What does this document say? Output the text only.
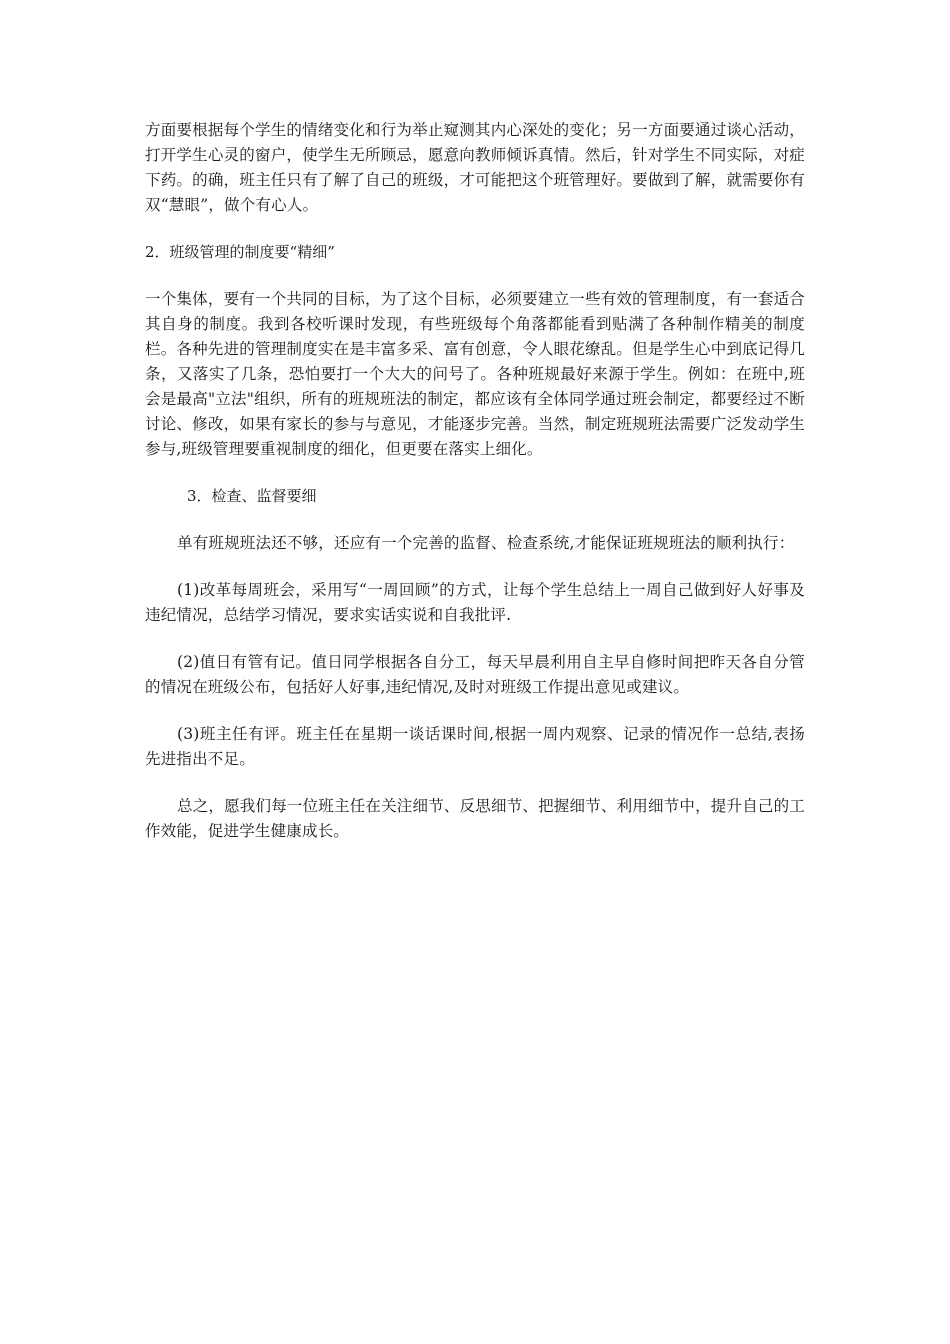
方面要根据每个学生的情绪变化和行为举止窥测其内心深处的变化；另一方面要通过谈心活动，打开学生心灵的窗户，使学生无所顾忌，愿意向教师倾诉真情。然后，针对学生不同实际，对症下药。的确，班主任只有了解了自己的班级，才可能把这个班管理好。要做到了解，就需要你有双“慧眼”，做个有心人。

2．班级管理的制度要“精细”

一个集体，要有一个共同的目标，为了这个目标，必须要建立一些有效的管理制度，有一套适合其自身的制度。我到各校听课时发现，有些班级每个角落都能看到贴满了各种制作精美的制度栏。各种先进的管理制度实在是丰富多采、富有创意，令人眼花缭乱。但是学生心中到底记得几条，又落实了几条，恐怕要打一个大大的问号了。各种班规最好来源于学生。例如：在班中,班会是最高"立法"组织，所有的班规班法的制定，都应该有全体同学通过班会制定，都要经过不断讨论、修改，如果有家长的参与与意见，才能逐步完善。当然，制定班规班法需要广泛发动学生参与,班级管理要重视制度的细化，但更要在落实上细化。

3．检查、监督要细

单有班规班法还不够，还应有一个完善的监督、检查系统,才能保证班规班法的顺利执行：

(1)改革每周班会，采用写“一周回顾”的方式，让每个学生总结上一周自己做到好人好事及违纪情况，总结学习情况，要求实话实说和自我批评.

(2)值日有管有记。值日同学根据各自分工，每天早晨利用自主早自修时间把昨天各自分管的情况在班级公布，包括好人好事,违纪情况,及时对班级工作提出意见或建议。

(3)班主任有评。班主任在星期一谈话课时间,根据一周内观察、记录的情况作一总结,表扬先进指出不足。

总之，愿我们每一位班主任在关注细节、反思细节、把握细节、利用细节中，提升自己的工作效能，促进学生健康成长。
